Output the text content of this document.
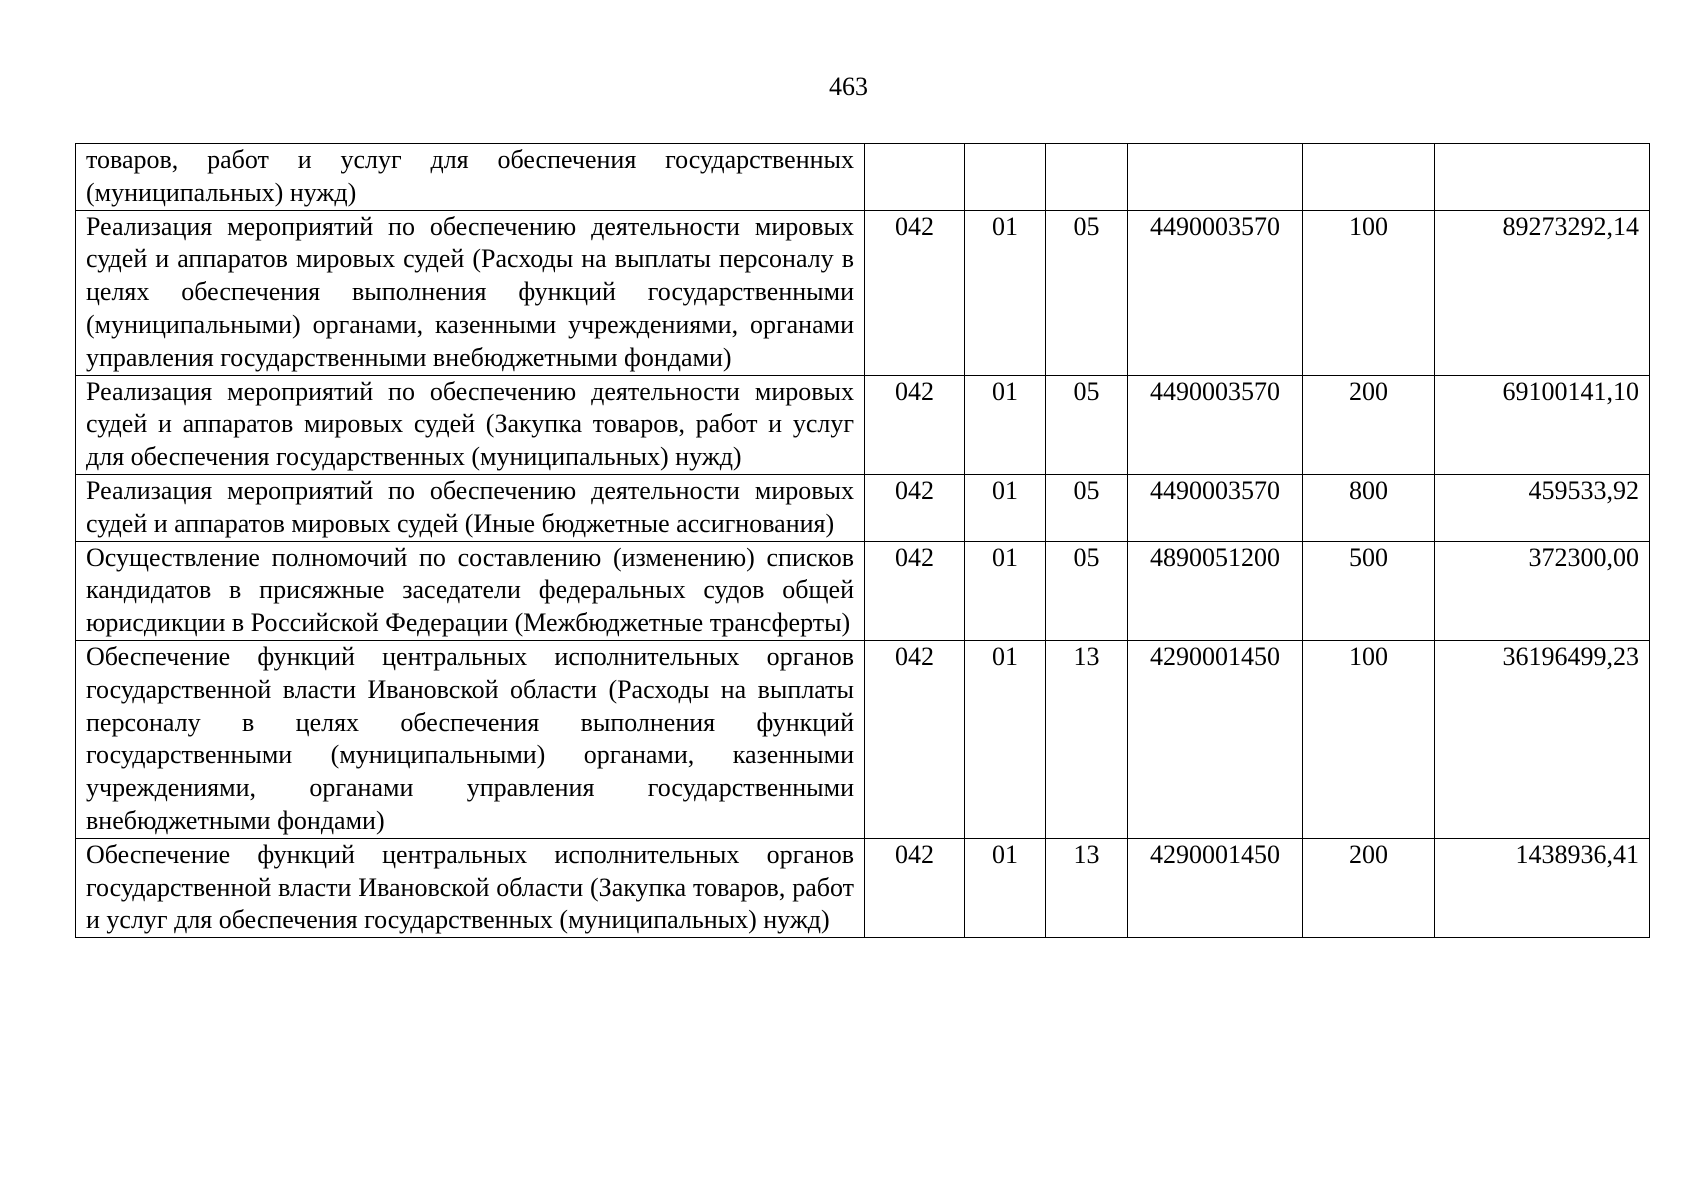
463
товаров, работ и услуг для обеспечения государственных (муниципальных) нужд)						
Реализация мероприятий по обеспечению деятельности мировых судей и аппаратов мировых судей (Расходы на выплаты персоналу в целях обеспечения выполнения функций государственными (муниципальными) органами, казенными учреждениями, органами управления государственными внебюджетными фондами)	042	01	05	4490003570	100	89273292,14
Реализация мероприятий по обеспечению деятельности мировых судей и аппаратов мировых судей (Закупка товаров, работ и услуг для обеспечения государственных (муниципальных) нужд)	042	01	05	4490003570	200	69100141,10
Реализация мероприятий по обеспечению деятельности мировых судей и аппаратов мировых судей (Иные бюджетные ассигнования)	042	01	05	4490003570	800	459533,92
Осуществление полномочий по составлению (изменению) списков кандидатов в присяжные заседатели федеральных судов общей юрисдикции в Российской Федерации (Межбюджетные трансферты)	042	01	05	4890051200	500	372300,00
Обеспечение функций центральных исполнительных органов государственной власти Ивановской области (Расходы на выплаты персоналу в целях обеспечения выполнения функций государственными (муниципальными) органами, казенными учреждениями, органами управления государственными внебюджетными фондами)	042	01	13	4290001450	100	36196499,23
Обеспечение функций центральных исполнительных органов государственной власти Ивановской области (Закупка товаров, работ и услуг для обеспечения государственных (муниципальных) нужд)	042	01	13	4290001450	200	1438936,41
